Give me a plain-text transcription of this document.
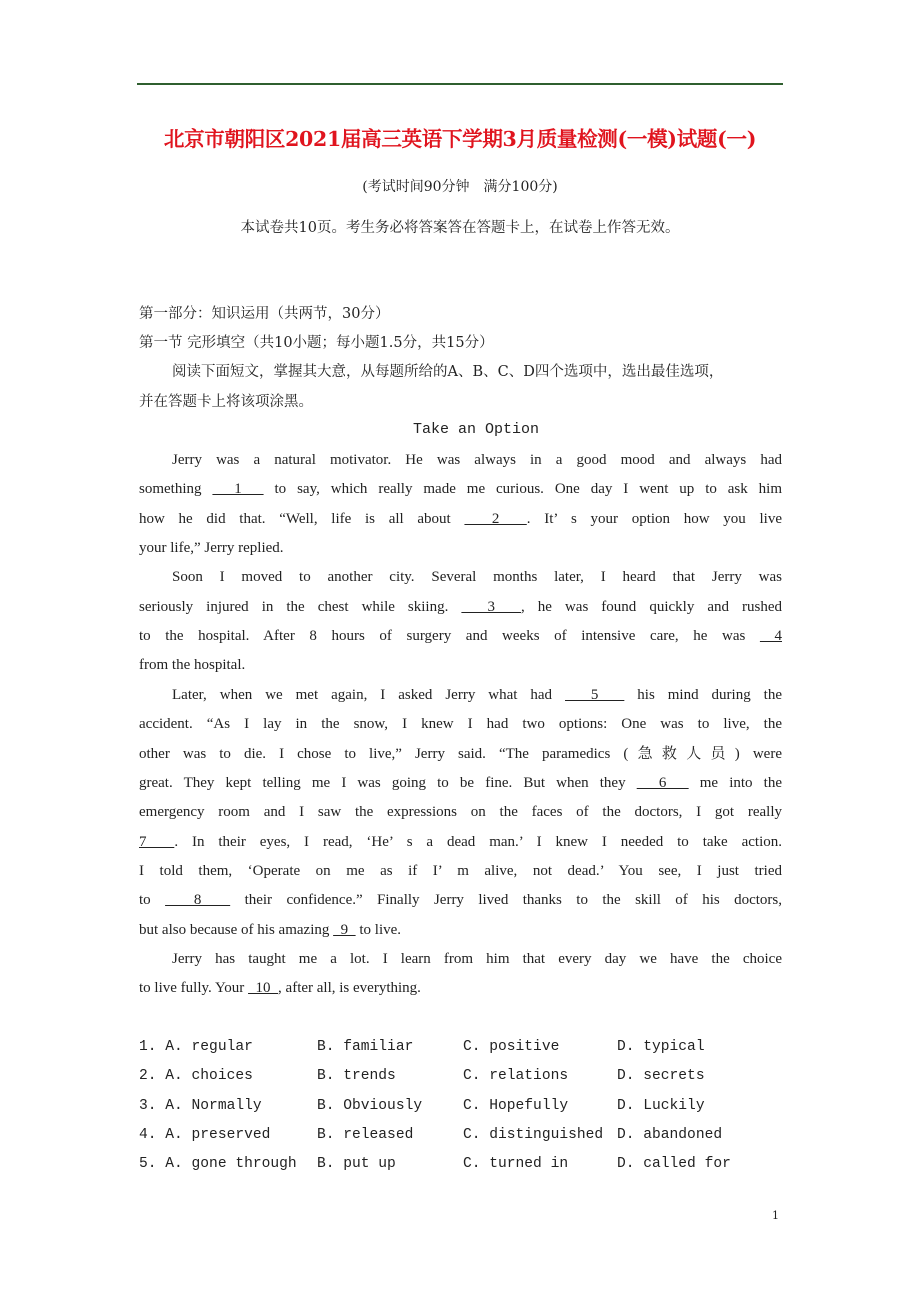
北京市朝阳区2021届高三英语下学期3月质量检测(一模)试题(一)
(考试时间90分钟　满分100分)
本试卷共10页。考生务必将答案答在答题卡上，在试卷上作答无效。
第一部分：知识运用（共两节，30分）
第一节 完形填空（共10小题；每小题1.5分，共15分）
阅读下面短文，掌握其大意，从每题所给的A、B、C、D四个选项中，选出最佳选项，
并在答题卡上将该项涂黑。
Take an Option
Jerry was a natural motivator. He was always in a good mood and always had
something   1   to say, which really made me curious. One day I went up to ask him
how he did that. “Well, life is all about   2  . It’ s your option how you live
your life,” Jerry replied.
Soon I moved to another city. Several months later, I heard that Jerry was
seriously injured in the chest while skiing.   3  , he was found quickly and rushed
to the hospital. After 8 hours of surgery and weeks of intensive care, he was  4
from the hospital.
Later, when we met again, I asked Jerry what had   5   his mind during the
accident. “As I lay in the snow, I knew I had two options: One was to live, the
other was to die. I chose to live,” Jerry said. “The paramedics (急救人员) were
great. They kept telling me I was going to be fine. But when they   6   me into the
emergency room and I saw the expressions on the faces of the doctors, I got really
7  . In their eyes, I read, ‘He’ s a dead man.’ I knew I needed to take action.
I told them, ‘Operate on me as if I’ m alive, not dead.’ You see, I just tried
to   8   their confidence.” Finally Jerry lived thanks to the skill of his doctors,
but also because of his amazing   9   to live.
Jerry has taught me a lot. I learn from him that every day we have the choice
to live fully. Your   10  , after all, is everything.
1. A. regular	B. familiar	C. positive	D. typical
2. A. choices	B. trends	C. relations	D. secrets
3. A. Normally	B. Obviously	C. Hopefully	D. Luckily
4. A. preserved	B. released	C. distinguished D. abandoned
5. A. gone through B. put up	C. turned in	D. called for
1
